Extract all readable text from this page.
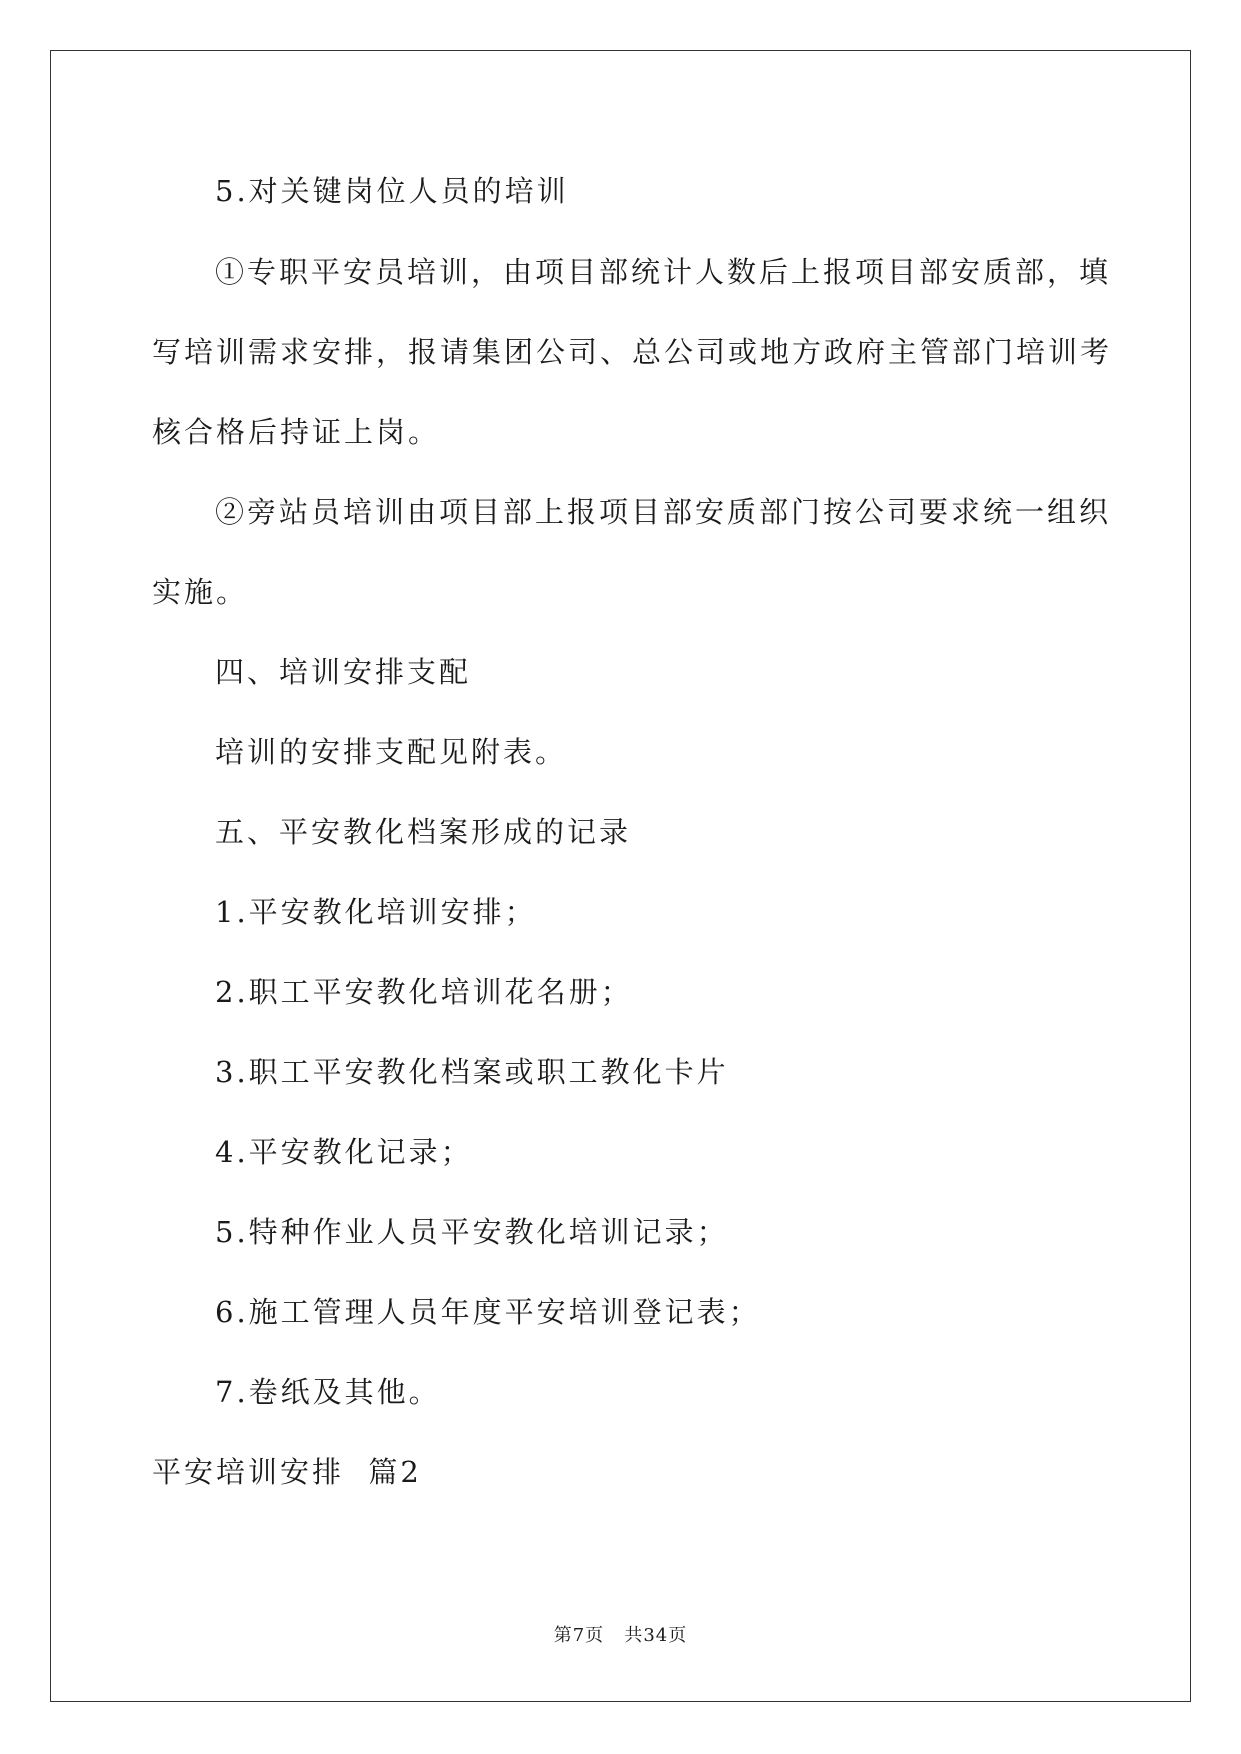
5.对关键岗位人员的培训
①专职平安员培训，由项目部统计人数后上报项目部安质部，填
写培训需求安排，报请集团公司、总公司或地方政府主管部门培训考
核合格后持证上岗。
②旁站员培训由项目部上报项目部安质部门按公司要求统一组织
实施。
四、培训安排支配
培训的安排支配见附表。
五、平安教化档案形成的记录
1.平安教化培训安排；
2.职工平安教化培训花名册；
3.职工平安教化档案或职工教化卡片
4.平安教化记录；
5.特种作业人员平安教化培训记录；
6.施工管理人员年度平安培训登记表；
7.卷纸及其他。
平安培训安排  篇2
第7页   共34页
